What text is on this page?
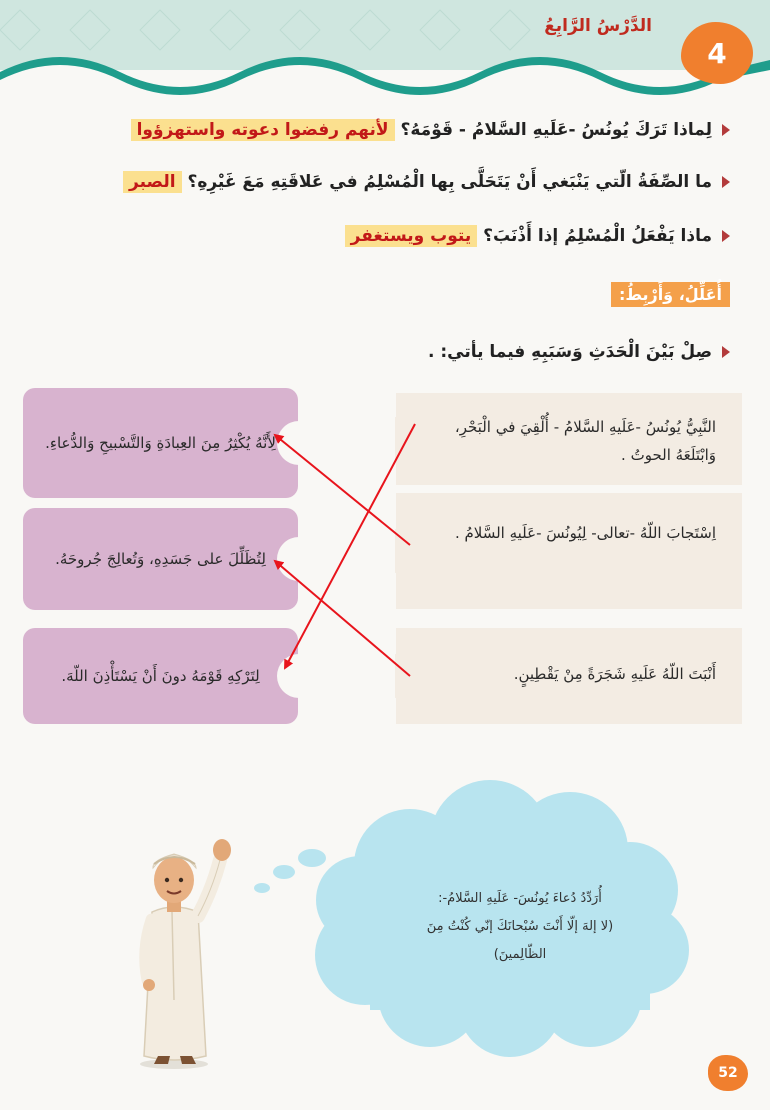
الدَّرْسُ الرَّابِعُ
4
لِماذا تَرَكَ يُونُسُ -عَلَيهِ السَّلامُ - قَوْمَهُ؟ لأنهم رفضوا دعوته واستهزؤوا
ما الصِّفَةُ الّتي يَنْبَغي أَنْ يَتَحَلَّى بِها الْمُسْلِمُ في عَلاقَتِهِ مَعَ غَيْرِهِ؟ الصبر
ماذا يَفْعَلُ الْمُسْلِمُ إذا أَذْنَبَ؟ يتوب ويستغفر
أُعَلِّلُ، وَأَرْبِطُ:
صِلْ بَيْنَ الْحَدَثِ وَسَبَبِهِ فيما يأتي: .
لِأَنَّهُ يُكْثِرُ مِنَ العِبادَةِ وَالتَّسْبيحِ وَالدُّعاءِ.
لِتُظَلِّلَ على جَسَدِهِ، وَتُعالِجَ جُروحَهُ.
لِتَرْكِهِ قَوْمَهُ دونَ أَنْ يَسْتَأْذِنَ اللّهَ.
النَّبِيُّ يُونُسُ -عَلَيهِ السَّلامُ - أُلْقِيَ في الْبَحْرِ، وَابْتَلَعَهُ الحوتُ .
اِسْتَجابَ اللّهُ -تعالى- لِيُونُسَ -عَلَيهِ السَّلامُ .
أَنْبَتَ اللّهُ عَلَيهِ شَجَرَةً مِنْ يَقْطِينٍ.
أُرَدِّدُ دُعاءَ يُونُسَ- عَلَيهِ السَّلامُ-:
(لا إلهَ إلّا أَنْتَ سُبْحانَكَ إنّي كُنْتُ مِنَ
الظّالِمينَ)
52
